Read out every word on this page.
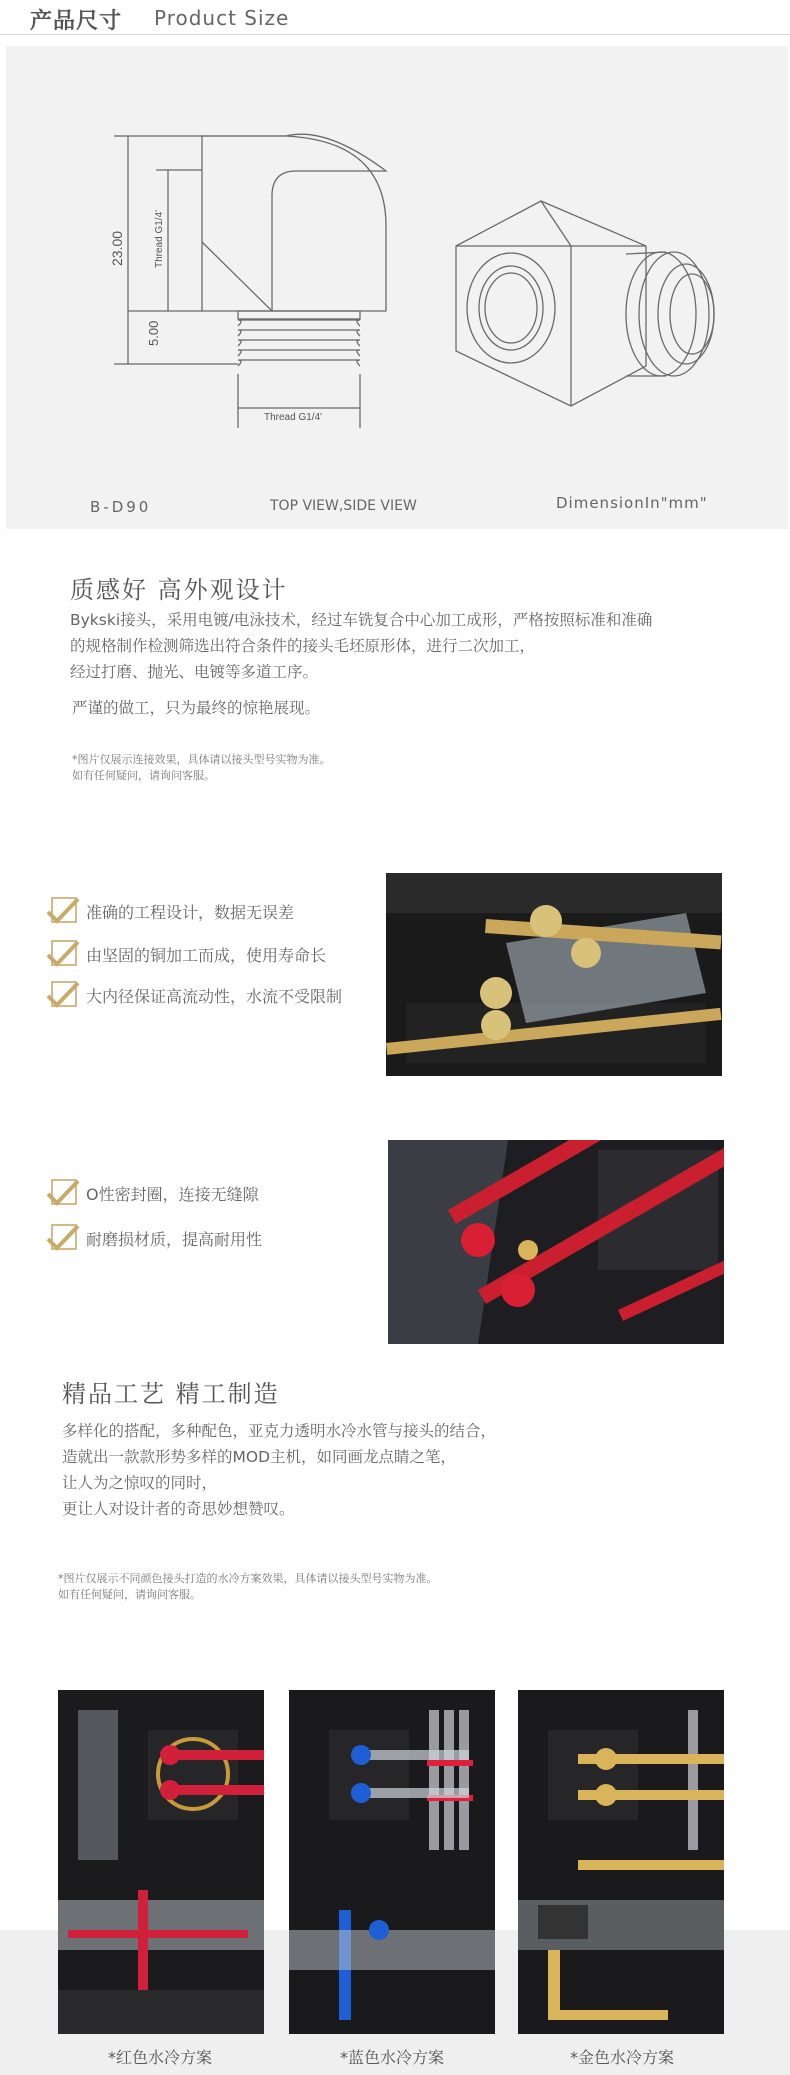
产品尺寸 Product Size
23.00
5.00
Thread G1/4'
Thread G1/4'
B-D90	TOP VIEW,SIDE VIEW	DimensionIn"mm"
质感好 高外观设计
Bykski接头，采用电镀/电泳技术，经过车铣复合中心加工成形，严格按照标准和准确
的规格制作检测筛选出符合条件的接头毛坯原形体，进行二次加工，
经过打磨、抛光、电镀等多道工序。
严谨的做工，只为最终的惊艳展现。
*图片仅展示连接效果，具体请以接头型号实物为准。
如有任何疑问，请询问客服。
准确的工程设计，数据无误差
由坚固的铜加工而成，使用寿命长
大内径保证高流动性，水流不受限制
O性密封圈，连接无缝隙
耐磨损材质，提高耐用性
精品工艺 精工制造
多样化的搭配，多种配色，亚克力透明水冷水管与接头的结合，
造就出一款款形势多样的MOD主机，如同画龙点睛之笔，
让人为之惊叹的同时，
更让人对设计者的奇思妙想赞叹。
*图片仅展示不同颜色接头打造的水冷方案效果，具体请以接头型号实物为准。
如有任何疑问，请询问客服。
*红色水冷方案	*蓝色水冷方案	*金色水冷方案
